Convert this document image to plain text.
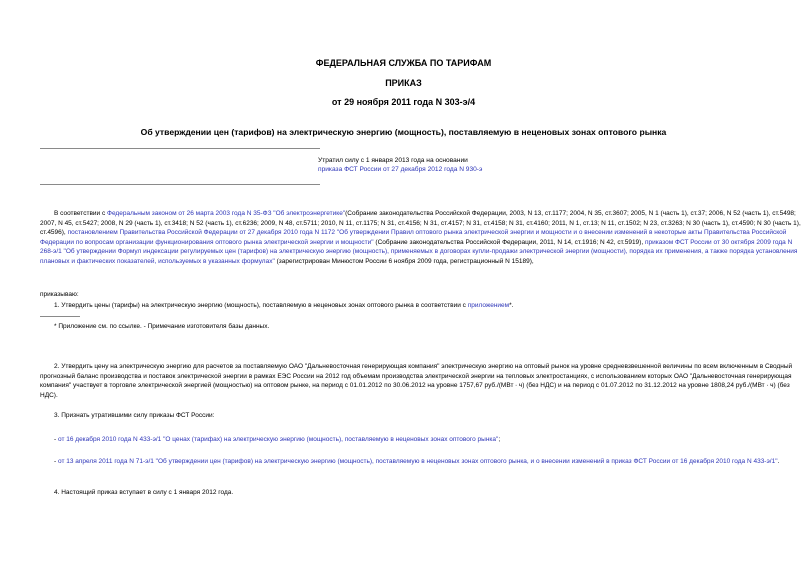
ФЕДЕРАЛЬНАЯ СЛУЖБА ПО ТАРИФАМ
ПРИКАЗ
от 29 ноября 2011 года N 303-э/4
Об утверждении цен (тарифов) на электрическую энергию (мощность), поставляемую в неценовых зонах оптового рынка
Утратил силу с 1 января 2013 года на основании
приказа ФСТ России от 27 декабря 2012 года N 930-э
В соответствии с Федеральным законом от 26 марта 2003 года N 35-ФЗ "Об электроэнергетике"(Собрание законодательства Российской Федерации, 2003, N 13, ст.1177; 2004, N 35, ст.3607; 2005, N 1 (часть 1), ст.37; 2006, N 52 (часть 1), ст.5498; 2007, N 45, ст.5427; 2008, N 29 (часть 1), ст.3418; N 52 (часть 1), ст.6236; 2009, N 48, ст.5711; 2010, N 11, ст.1175; N 31, ст.4156; N 31, ст.4157; N 31, ст.4158; N 31, ст.4160; 2011, N 1, ст.13; N 11, ст.1502; N 23, ст.3263; N 30 (часть 1), ст.4590; N 30 (часть 1), ст.4596), постановлением Правительства Российской Федерации от 27 декабря 2010 года N 1172 "Об утверждении Правил оптового рынка электрической энергии и мощности и о внесении изменений в некоторые акты Правительства Российской Федерации по вопросам организации функционирования оптового рынка электрической энергии и мощности" (Собрание законодательства Российской Федерации, 2011, N 14, ст.1916; N 42, ст.5919), приказом ФСТ России от 30 октября 2009 года N 268-э/1 "Об утверждении Формул индексации регулируемых цен (тарифов) на электрическую энергию (мощность), применяемых в договорах купли-продажи электрической энергии (мощности), порядка их применения, а также порядка установления плановых и фактических показателей, используемых в указанных формулах" (зарегистрирован Минюстом России 6 ноября 2009 года, регистрационный N 15189),
приказываю:
1. Утвердить цены (тарифы) на электрическую энергию (мощность), поставляемую в неценовых зонах оптового рынка в соответствии с приложением*.
* Приложение см. по ссылке. - Примечание изготовителя базы данных.
2. Утвердить цену на электрическую энергию для расчетов за поставляемую ОАО "Дальневосточная генерирующая компания" электрическую энергию на оптовый рынок на уровне средневзвешенной величины по всем включенным в Сводный прогнозный баланс производства и поставок электрической энергии в рамках ЕЭС России на 2012 год объемам производства электрической энергии на тепловых электростанциях, с использованием которых ОАО "Дальневосточная генерирующая компания" участвует в торговле электрической энергией (мощностью) на оптовом рынке, на период с 01.01.2012 по 30.06.2012 на уровне 1757,67 руб./(МВт ∙ ч) (без НДС) и на период с 01.07.2012 по 31.12.2012 на уровне 1808,24 руб./(МВт ∙ ч) (без НДС).
3. Признать утратившими силу приказы ФСТ России:
- от 16 декабря 2010 года N 433-э/1 "О ценах (тарифах) на электрическую энергию (мощность), поставляемую в неценовых зонах оптового рынка";
- от 13 апреля 2011 года N 71-э/1 "Об утверждении цен (тарифов) на электрическую энергию (мощность), поставляемую в неценовых зонах оптового рынка, и о внесении изменений в приказ ФСТ России от 16 декабря 2010 года N 433-э/1".
4. Настоящий приказ вступает в силу с 1 января 2012 года.
